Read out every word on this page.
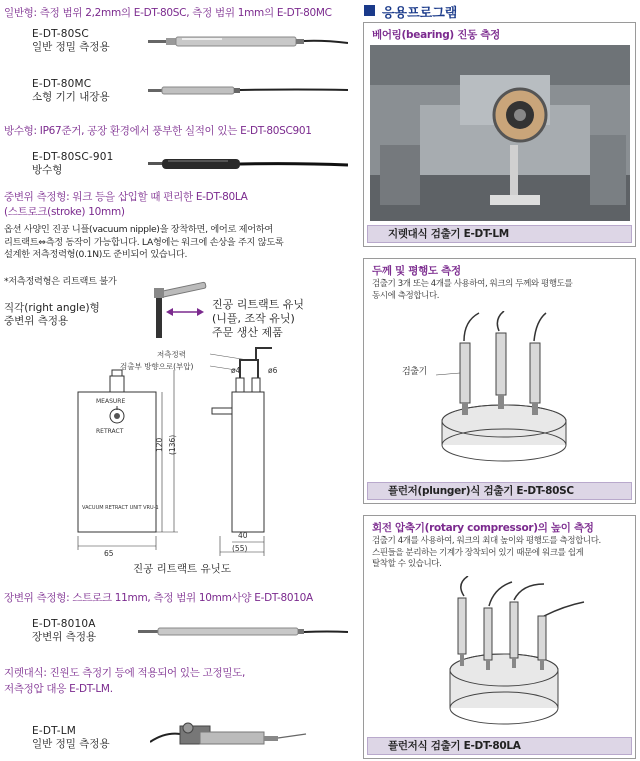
일반형: 측정 범위 2,2mm의 E-DT-80SC, 측정 범위 1mm의 E-DT-80MC
E-DT-80SC
일반 정밀 측정용
E-DT-80MC
소형 기기 내장용
방수형: IP67준거, 공장 환경에서 풍부한 실적이 있는 E-DT-80SC901
E-DT-80SC-901
방수형
중변위 측정형: 워크 등을 삽입할 때 편리한 E-DT-80LA
(스트로크(stroke) 10mm)
옵션 사양인 진공 니플(vacuum nipple)을 장착하면, 에어로 제어하여
리트랙트⇔측정 동작이 가능합니다. LA형에는 워크에 손상을 주지 않도록
설계한 저측정력형(0.1N)도 준비되어 있습니다.
*저측정력형은 리트랙트 불가
직각(right angle)형
중변위 측정용
진공 리트랙트 유닛
(니플, 조작 유닛)
주문 생산 제품
저측정력
검출부 방향으로(부압)	ø4	ø6
MEASURE
RETRACT
VACUUM RETRACT UNIT VRU-1
120 (136)
65
40
(55)
진공 리트랙트 유닛도
장변위 측정형: 스트로크 11mm, 측정 범위 10mm사양 E-DT-8010A
E-DT-8010A
장변위 측정용
지렛대식: 진원도 측정기 등에 적용되어 있는 고정밀도,
저측정압 대응 E-DT-LM.
E-DT-LM
일반 정밀 측정용
응용프로그램
베어링(bearing) 진동 측정
지렛대식 검출기 E-DT-LM
두께 및 평행도 측정
검출기 3개 또는 4개를 사용하여, 워크의 두께와 평행도를
동시에 측정합니다.
검출기
플런저(plunger)식 검출기 E-DT-80SC
회전 압축기(rotary compressor)의 높이 측정
검출기 4개를 사용하여, 워크의 최대 높이와 평행도를 측정합니다.
스핀들을 분리하는 기계가 장착되어 있기 때문에 워크를 쉽게
탈착할 수 있습니다.
플런저식 검출기 E-DT-80LA
